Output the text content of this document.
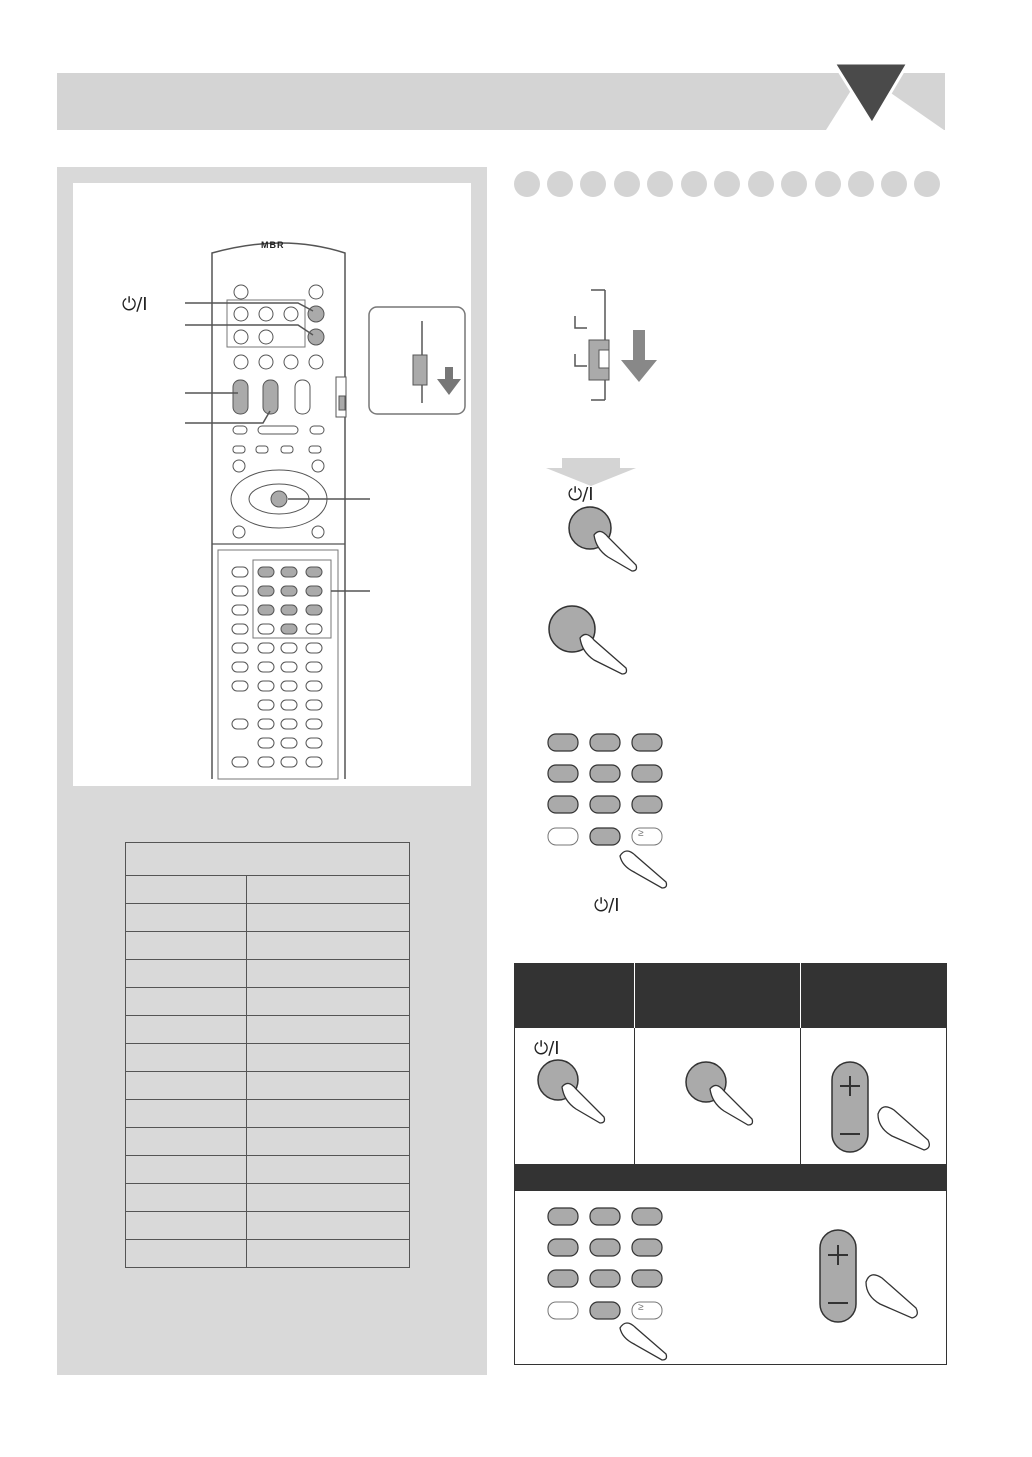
⏻/I
MBR

⏻/I
≥
⏻/I
⏻/I
≥
